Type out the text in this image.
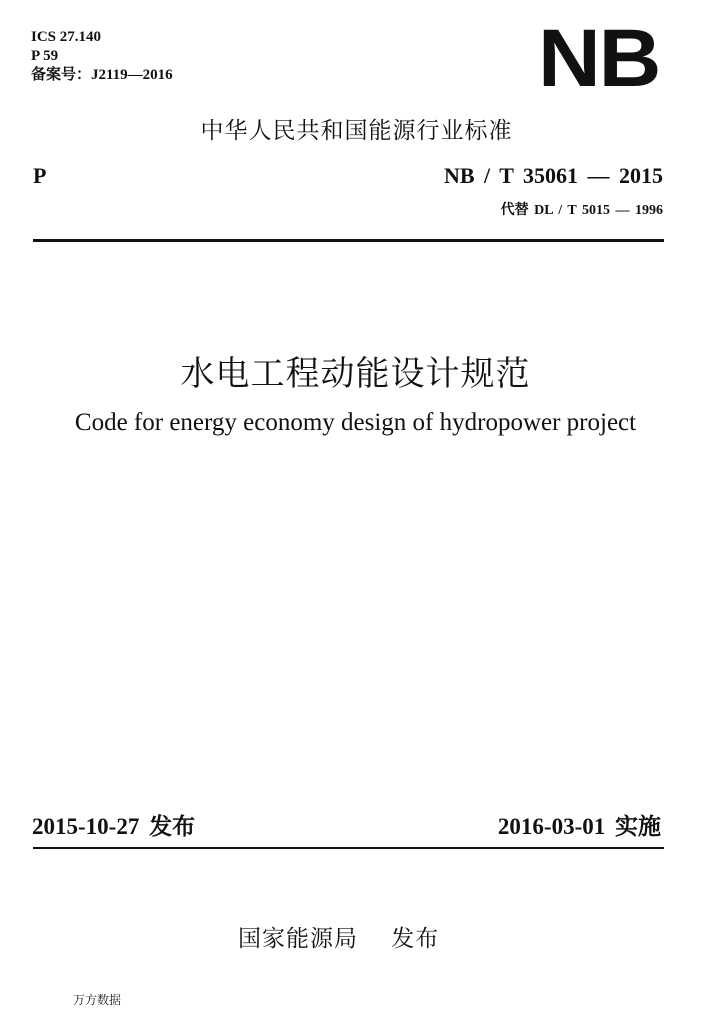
ICS 27.140
P 59
备案号：J2119—2016	NB
中华人民共和国能源行业标准
P	NB / T 35061 — 2015
代替 DL / T 5015 — 1996
水电工程动能设计规范
Code for energy economy design of hydropower project
2015-10-27 发布	2016-03-01 实施
国家能源局    发布
万方数据
